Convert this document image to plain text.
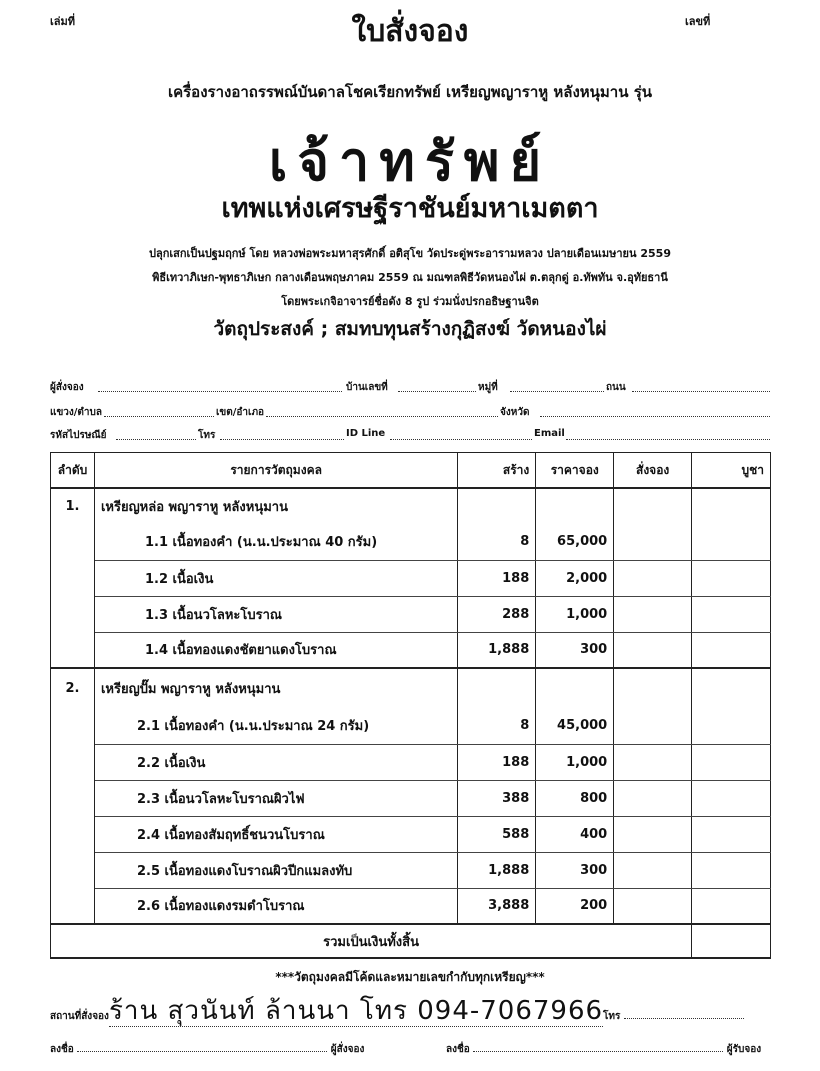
เล่มที่	เลขที่
ใบสั่งจอง
เครื่องรางอาถรรพณ์บันดาลโชคเรียกทรัพย์ เหรียญพญาราหู หลังหนุมาน รุ่น
เจ้าทรัพย์
เทพแห่งเศรษฐีราชันย์มหาเมตตา
ปลุกเสกเป็นปฐมฤกษ์ โดย หลวงพ่อพระมหาสุรศักดิ์ อติสุโข วัดประดู่พระอารามหลวง ปลายเดือนเมษายน 2559
พิธีเทวาภิเษก-พุทธาภิเษก กลางเดือนพฤษภาคม 2559 ณ มณฑลพิธีวัดหนองไผ่ ต.ตลุกดู่ อ.ทัพทัน จ.อุทัยธานี
โดยพระเกจิอาจารย์ชื่อดัง 8 รูป ร่วมนั่งปรกอธิษฐานจิต
วัตถุประสงค์ ; สมทบทุนสร้างกุฏิสงฆ์ วัดหนองไผ่
ผู้สั่งจอง	บ้านเลขที่	หมู่ที่	ถนน
แขวง/ตำบล	เขต/อำเภอ	จังหวัด
รหัสไปรษณีย์	โทร	ID Line	Email
ลำดับ	รายการวัตถุมงคล	สร้าง	ราคาจอง	สั่งจอง	บูชา
1.	เหรียญหล่อ พญาราหู หลังหนุมาน				
	1.1 เนื้อทองคำ (น.น.ประมาณ 40 กรัม)	8	65,000		
	1.2 เนื้อเงิน	188	2,000		
	1.3 เนื้อนวโลหะโบราณ	288	1,000		
	1.4 เนื้อทองแดงชัตยาแดงโบราณ	1,888	300		
2.	เหรียญปั๊ม พญาราหู หลังหนุมาน				
	2.1 เนื้อทองคำ (น.น.ประมาณ 24 กรัม)	8	45,000		
	2.2 เนื้อเงิน	188	1,000		
	2.3 เนื้อนวโลหะโบราณผิวไฟ	388	800		
	2.4 เนื้อทองสัมฤทธิ์ชนวนโบราณ	588	400		
	2.5 เนื้อทองแดงโบราณผิวปีกแมลงทับ	1,888	300		
	2.6 เนื้อทองแดงรมดำโบราณ	3,888	200		
รวมเป็นเงินทั้งสิ้น					
***วัตถุมงคลมีโค้ดและหมายเลขกำกับทุกเหรียญ***
สถานที่สั่งจองร้าน สุวนันท์ ล้านนา โทร 094-7067966โทร
ลงชื่อ	ผู้สั่งจอง	ลงชื่อ	ผู้รับจอง
